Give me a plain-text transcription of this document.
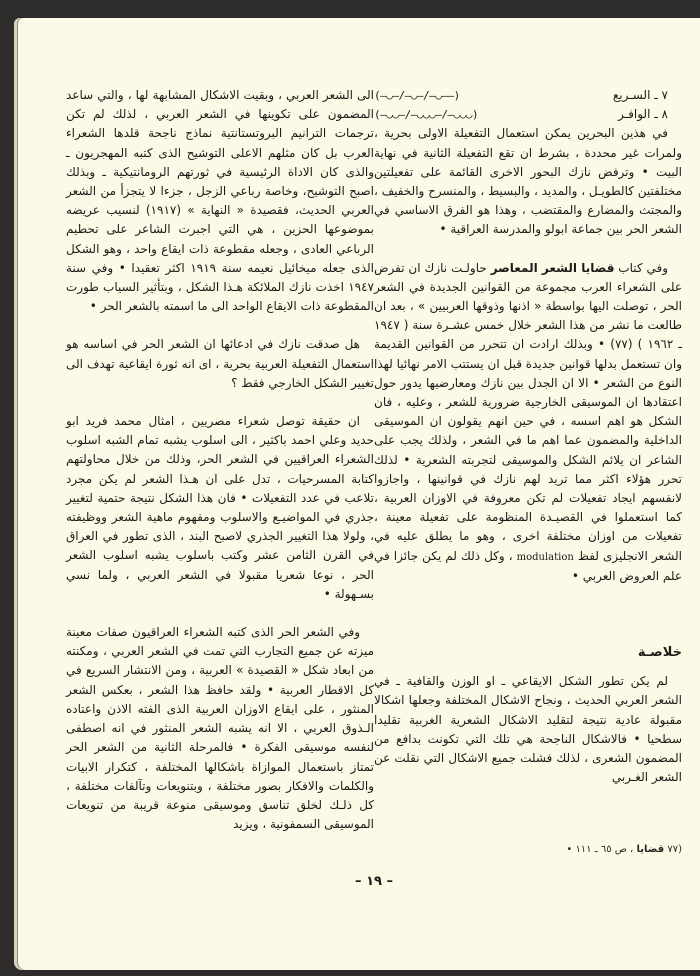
٧ ـ السـريع
(—◡—/—◡—/—◡——)
٨ ـ الوافـر
(—◡◡—/—◡◡◡—/—◡◡◡)

في هذين البحرين يمكن استعمال التفعيلة الاولى بحرية ، ولمرات غير محددة ، بشرط ان تقع التفعيلة الثانية في نهاية البيت • وترفض نازك البحور الاخرى القائمة على تفعيلتين مختلفتين كالطويـل ، والمديد ، والبسيط ، والمنسرح والخفيف ، والمجتث والمضارع والمقتضب ، وهذا هو الفرق الاساسي في الشعر الحر بين جماعة ابولو والمدرسة العراقية •

وفي كتاب قضايا الشعر المعاصر حاولـت نازك ان تفرض على الشعراء العرب مجموعة من القوانين الجديدة في الشعر الحر ، توصلت اليها بواسطة « اذنها وذوقها العربيين » ، بعد ان طالعت ما نشر من هذا الشعر خلال خمس عشـرة سنة ( ١٩٤٧ ـ ١٩٦٢ ) (٧٧) • وبذلك ارادت ان تتحرر من القوانين القديمة وان تستعمل بدلها قوانين جديدة قبل ان يستتب الامر نهائيا لهذا النوع من الشعر • الا ان الجدل بين نازك ومعارضيها يدور حول اعتقادها ان الموسيقى الخارجية ضرورية للشعر ، وعليه ، فان الشكل هو اهم اسسه ، في حين انهم يقولون ان الموسيقى الداخلية والمضمون عما اهم ما في الشعر ، ولذلك يجب على الشاعر ان يلائم الشكل والموسيقى لتجربته الشعرية • لذلك تحرر هؤلاء اكثر مما تريد لهم نازك في قوانينها ، واجازوا لانفسهم ايجاد تفعيلات لم تكن معروفة في الاوزان العربية ، كما استعملوا في القصيـدة المنظومة على تفعيلة معينة ، تفعيلات من اوزان مختلفة اخرى ، وهو ما يطلق عليه في الشعر الانجليزى لفظ modulation ، وكل ذلك لم يكن جائزا في علم العروض العربي •

خلاصـة

لم يكن تطور الشكل الايقاعي ـ او الوزن والقافية ـ في الشعر العربي الحديث ، ونجاح الاشكال المختلفة وجعلها اشكالا مقبولة عادية نتيجة لتقليد الاشكال الشعرية الغربية تقليدا سطحيا • فالاشكال الناجحة هي تلك التي تكونت بدافع من المضمون الشعرى ، لذلك فشلت جميع الاشكال التي نقلت عن الشعر الغـربي

الى الشعر العربي ، وبقيت الاشكال المشابهة لها ، والتي ساعد المضمون على تكوينها في الشعر العربي ، لذلك لم تكن ترجمات الترانيم البروتستانتية نماذج ناجحة قلدها الشعراء العرب بل كان مثلهم الاعلى التوشيح الذى كتبه المهجريون ـ والذى كان الاداة الرئيسية في ثورتهم الرومانتيكية ـ وبذلك اصبح التوشيح، وخاصة رباعي الزجل ، جزءا لا يتجزأ من الشعر العربي الحديث، فقصيدة « النهاية » (١٩١٧) لنسيب عريضه بموضوعها الحزين ، هي التي اجبرت الشاعر على تحطيم الرباعي العادى ، وجعله مقطوعة ذات ايقاع واحد ، وهو الشكل الذى جعله ميخائيل نعيمه سنة ١٩١٩ اكثر تعقيدا • وفي سنة ١٩٤٧ اخذت نازك الملائكة هـذا الشكل ، وبتأثير السياب طورت المقطوعة ذات الايقاع الواحد الى ما اسمته بالشعر الحر •

هل صدقت نازك في ادعائها ان الشعر الحر في اساسه هو استعمال التفعيلة العربية بحرية ، اى انه ثورة ايقاعية تهدف الى تغيير الشكل الخارجي فقط ؟

ان حقيقة توصل شعراء مصريين ، امثال محمد فريد ابو حديد وعلي احمد باكثير ، الى اسلوب يشبه تمام الشبه اسلوب الشعراء العراقيين في الشعر الحر، وذلك من خلال محاولتهم كتابة المسرحيات ، تدل على ان هـذا الشعر لم يكن مجرد تلاعب في عدد التفعيلات • فان هذا الشكل نتيجة حتمية لتغيير جذري في المواضيـع والاسلوب ومفهوم ماهية الشعر ووظيفته ، ولولا هذا التغيير الجذري لاصبح البند ، الذى تطور في العراق في القرن الثامن عشر وكتب باسلوب يشبه اسلوب الشعر الحر ، نوعا شعريا مقبولا في الشعر العربي ، ولما نسي بسـهولة •

وفي الشعر الحر الذى كتبه الشعراء العراقيون صفات معينة ميزته عن جميع التجارب التي تمت في الشعر العربي ، ومكنته من ابعاد شكل « القصيدة » العربية ، ومن الانتشار السريع في كل الاقطار العربية • ولقد حافظ هذا الشعر ، بعكس الشعر المنثور ، على ايقاع الاوزان العربية الذى الفته الاذن واعتاده الـذوق العربي ، الا انه يشبه الشعر المنثور في انه اصطفى لنفسه موسيقى الفكرة • فالمرحلة الثانية من الشعر الحر تمتاز باستعمال الموازاة باشكالها المختلفة ، كتكرار الابيات والكلمات والافكار بصور مختلفة ، وبتنويعات وتآلفات مختلفة ، كل ذلـك لخلق تناسق وموسيقى منوعة قريبة من تنويعات الموسيقى السمفونية ، ويزيد

(٧٧ قضايا ، ص ٦٥ ـ ١١١ •
– ١٩ –
